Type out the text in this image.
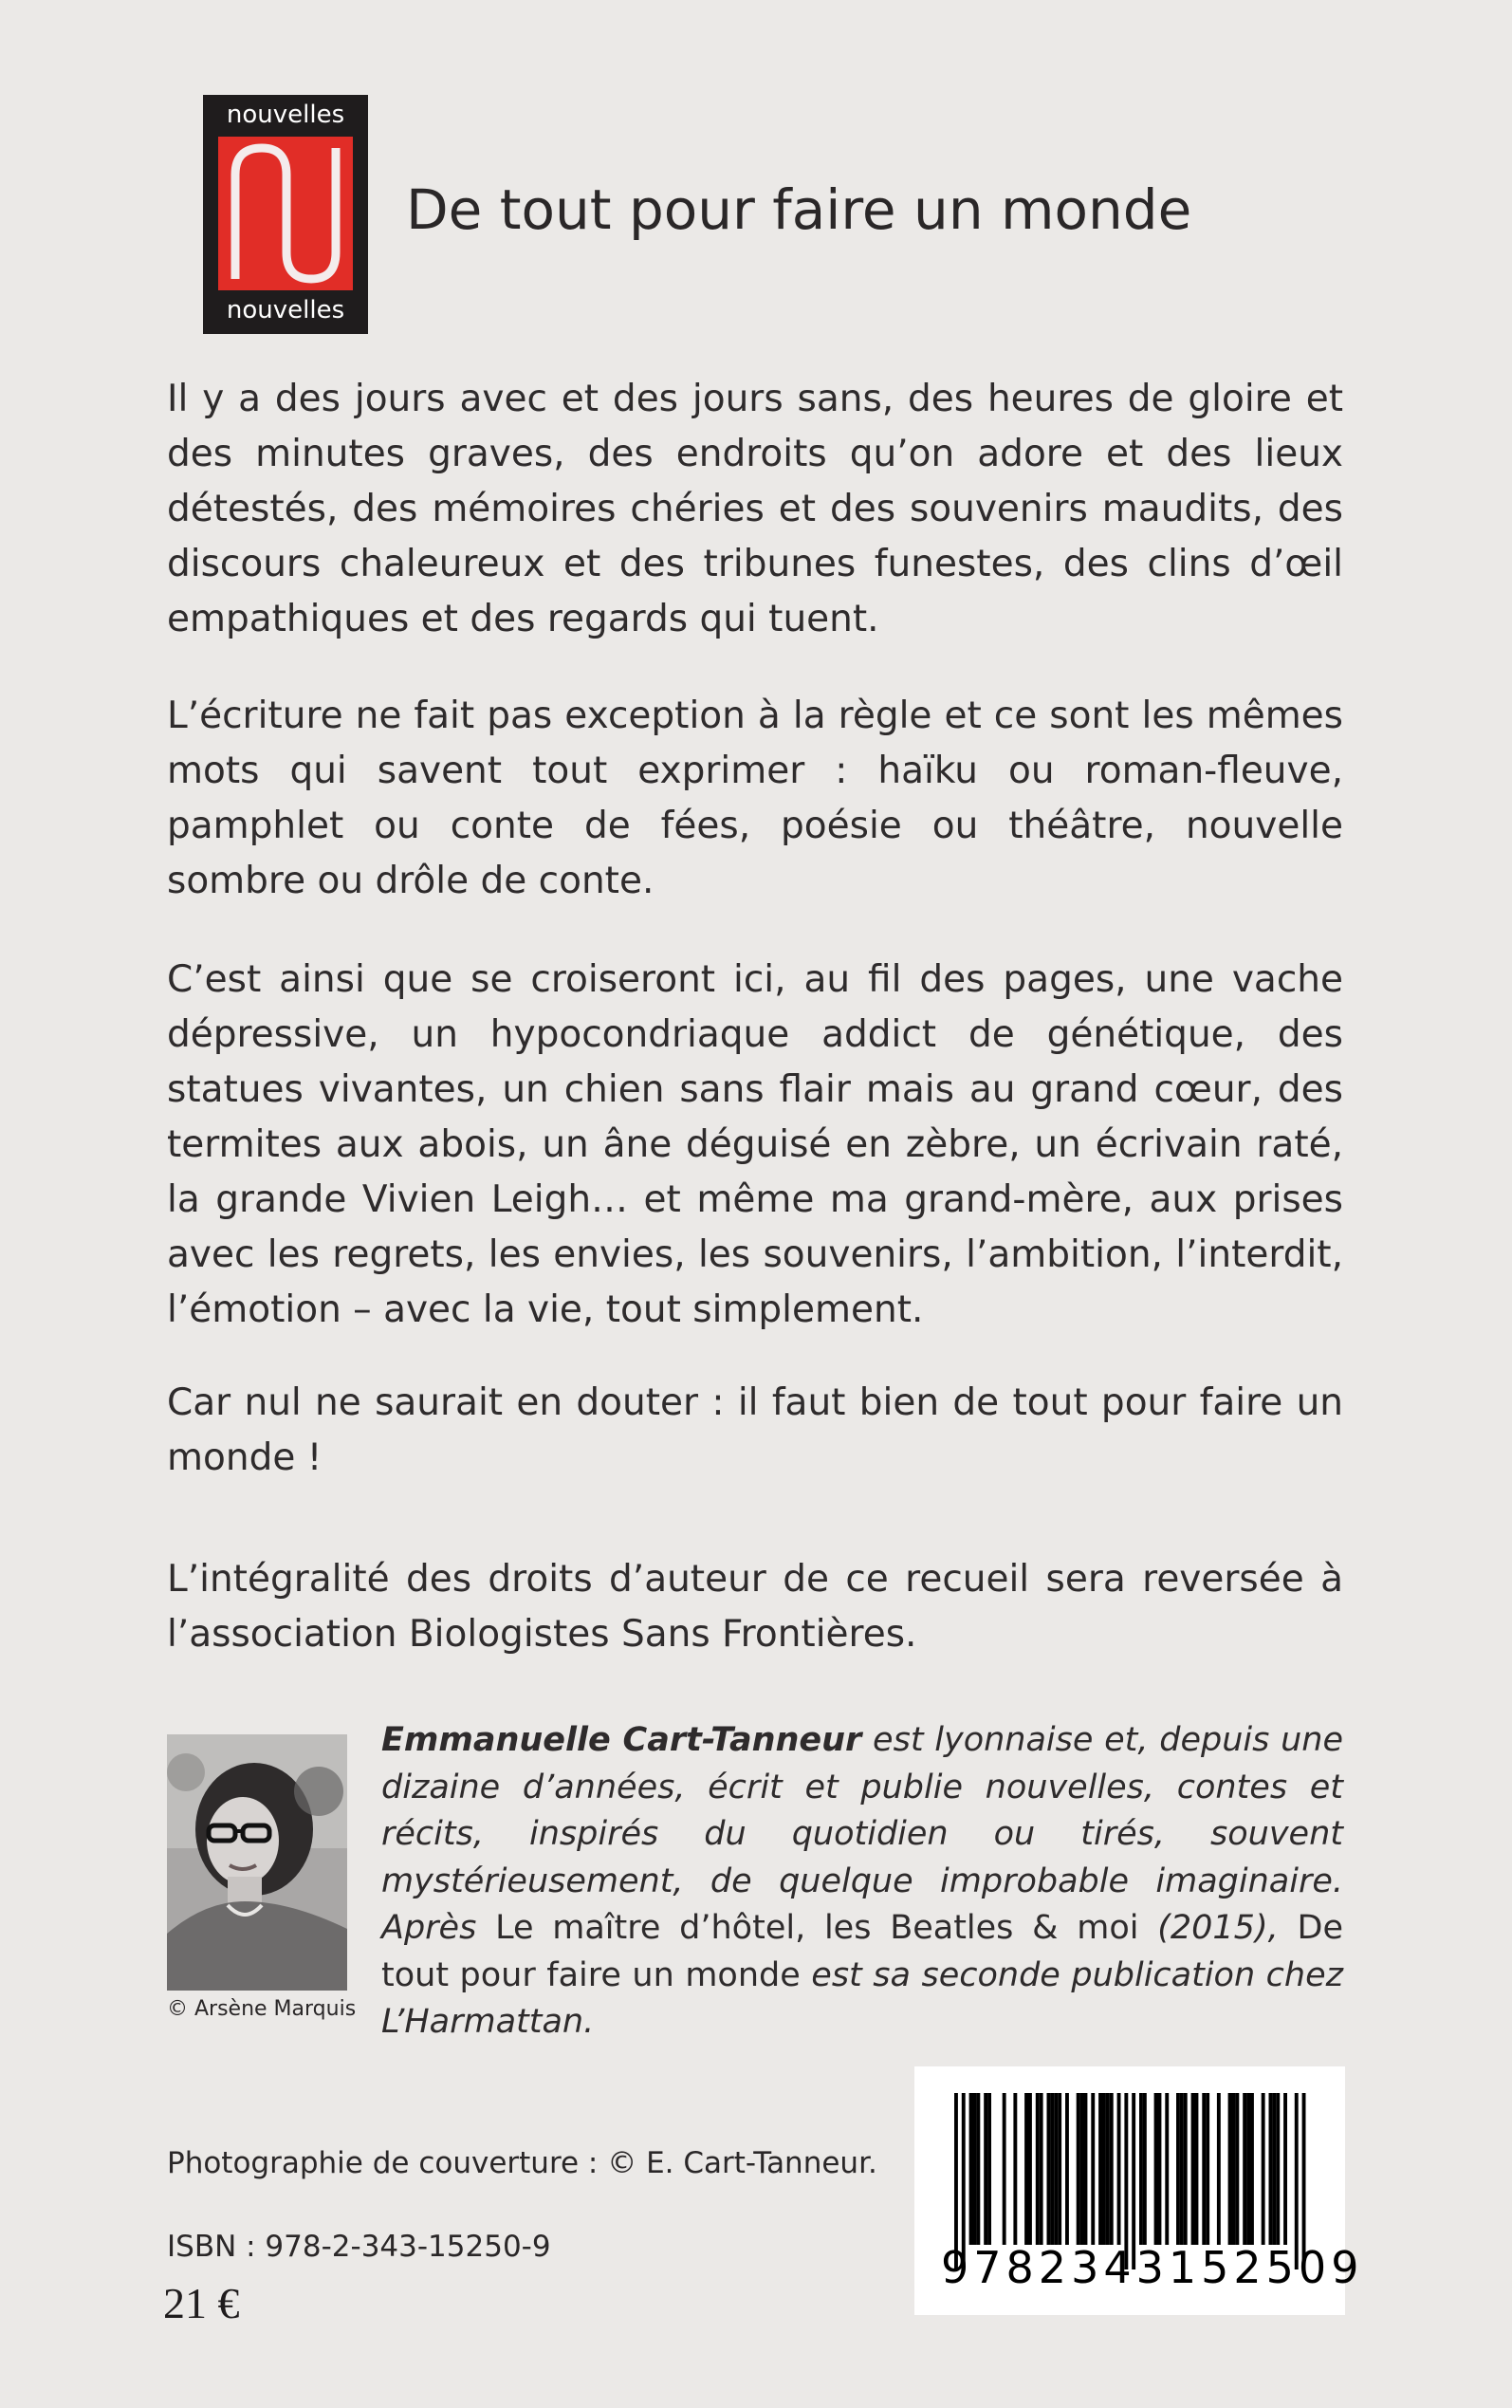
nouvelles
nouvelles
De tout pour faire un monde
Il y a des jours avec et des jours sans, des heures de gloire et des minutes graves, des endroits qu’on adore et des lieux détestés, des mémoires chéries et des souvenirs maudits, des discours chaleureux et des tribunes funestes, des clins d’œil empathiques et des regards qui tuent.
L’écriture ne fait pas exception à la règle et ce sont les mêmes mots qui savent tout exprimer : haïku ou roman-fleuve, pamphlet ou conte de fées, poésie ou théâtre, nouvelle sombre ou drôle de conte.
C’est ainsi que se croiseront ici, au fil des pages, une vache dépressive, un hypocondriaque addict de génétique, des statues vivantes, un chien sans flair mais au grand cœur, des termites aux abois, un âne déguisé en zèbre, un écrivain raté, la grande Vivien Leigh… et même ma grand-mère, aux prises avec les regrets, les envies, les souvenirs, l’ambition, l’interdit, l’émotion – avec la vie, tout simplement.
Car nul ne saurait en douter : il faut bien de tout pour faire un monde !
L’intégralité des droits d’auteur de ce recueil sera reversée à l’association Biologistes Sans Frontières.
© Arsène Marquis
Emmanuelle Cart-Tanneur est lyonnaise et, depuis une dizaine d’années, écrit et publie nouvelles, contes et récits, inspirés du quotidien ou tirés, souvent mystérieusement, de quelque improbable imaginaire. Après Le maître d’hôtel, les Beatles & moi (2015), De tout pour faire un monde est sa seconde publication chez L’Harmattan.
Photographie de couverture : © E. Cart-Tanneur.
ISBN : 978-2-343-15250-9
21 €
9782343152509
